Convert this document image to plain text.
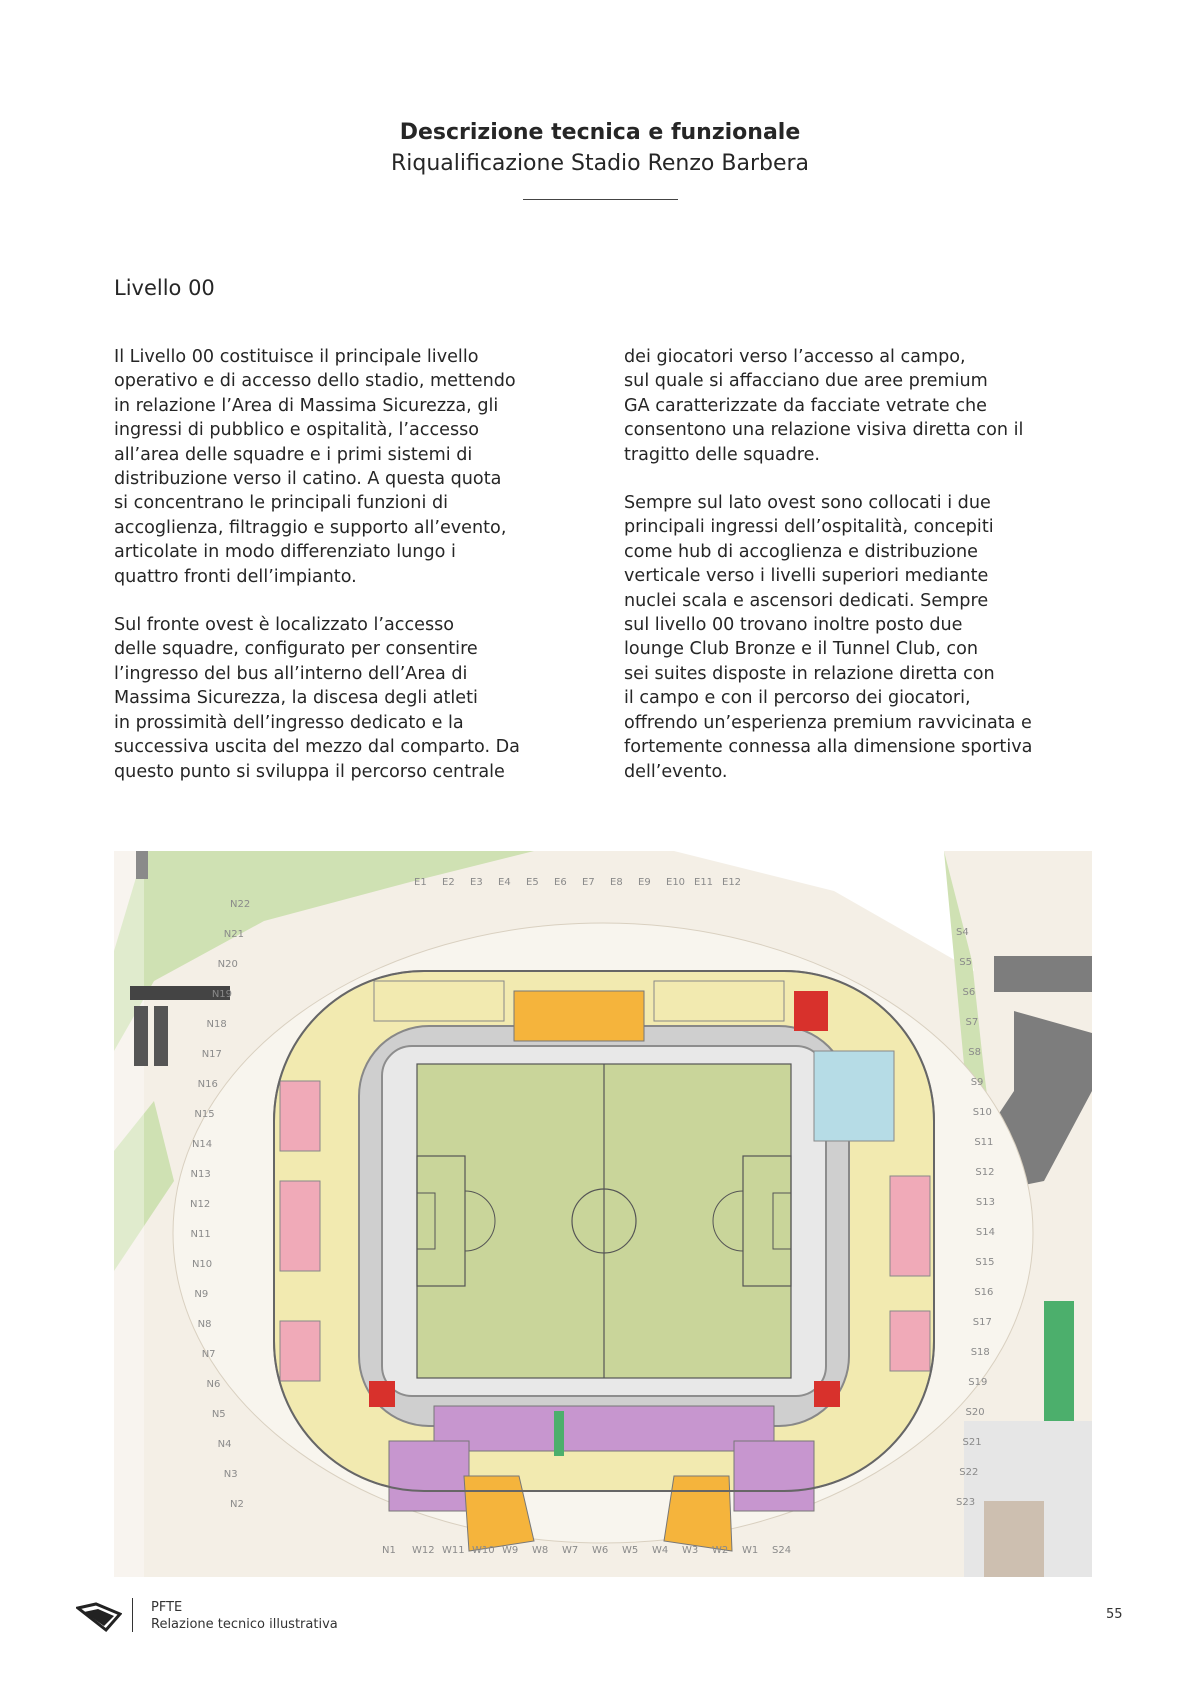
Descrizione tecnica e funzionale
Riqualificazione Stadio Renzo Barbera
Livello 00

Il Livello 00 costituisce il principale livello
operativo e di accesso dello stadio, mettendo
in relazione l’Area di Massima Sicurezza, gli
ingressi di pubblico e ospitalità, l’accesso
all’area delle squadre e i primi sistemi di
distribuzione verso il catino. A questa quota
si concentrano le principali funzioni di
accoglienza, filtraggio e supporto all’evento,
articolate in modo differenziato lungo i
quattro fronti dell’impianto.

Sul fronte ovest è localizzato l’accesso
delle squadre, configurato per consentire
l’ingresso del bus all’interno dell’Area di
Massima Sicurezza, la discesa degli atleti
in prossimità dell’ingresso dedicato e la
successiva uscita del mezzo dal comparto. Da
questo punto si sviluppa il percorso centrale

dei giocatori verso l’accesso al campo,
sul quale si affacciano due aree premium
GA caratterizzate da facciate vetrate che
consentono una relazione visiva diretta con il
tragitto delle squadre.

Sempre sul lato ovest sono collocati i due
principali ingressi dell’ospitalità, concepiti
come hub di accoglienza e distribuzione
verticale verso i livelli superiori mediante
nuclei scala e ascensori dedicati. Sempre
sul livello 00 trovano inoltre posto due
lounge Club Bronze e il Tunnel Club, con
sei suites disposte in relazione diretta con
il campo e con il percorso dei giocatori,
offrendo un’esperienza premium ravvicinata e
fortemente connessa alla dimensione sportiva
dell’evento.

E1 E2 E3 E4 E5 E6 E7 E8 E9 E10 E11 E12
N22
N21
N20
N19
N18
N17
N16
N15
N14
N13
N12
N11
N10
N9
N8
N7
N6
N5
N4
N3
N2
S4
S5
S6
S7
S8
S9
S10
S11
S12
S13
S14
S15
S16
S17
S18
S19
S20
S21
S22
S23
N1 W12 W11 W10 W9 W8 W7 W6 W5 W4 W3 W2 W1 S24
PFTE
Relazione tecnico illustrativa
55
